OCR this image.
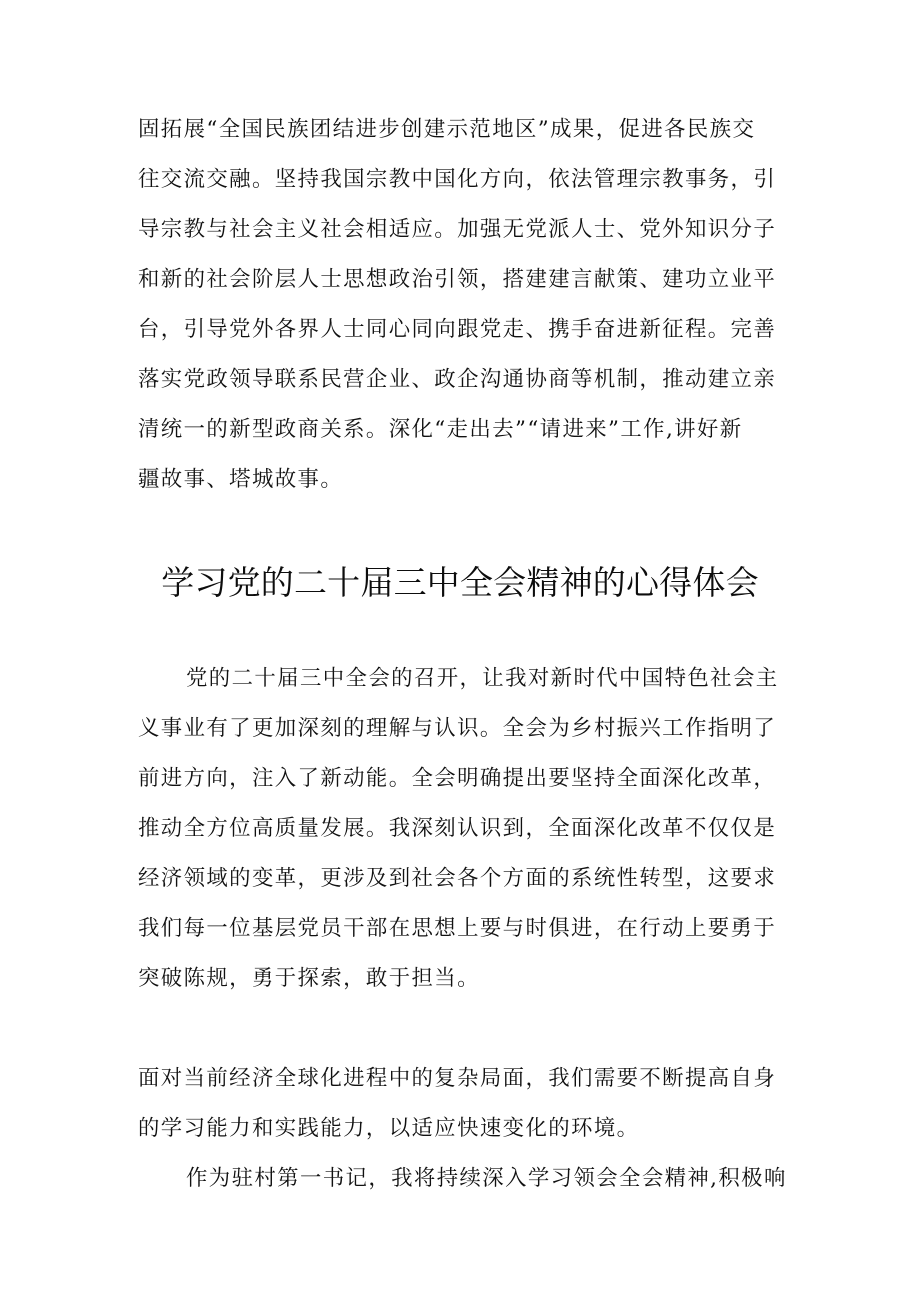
固拓展“全国民族团结进步创建示范地区”成果，促进各民族交
往交流交融。坚持我国宗教中国化方向，依法管理宗教事务，引
导宗教与社会主义社会相适应。加强无党派人士、党外知识分子
和新的社会阶层人士思想政治引领，搭建建言献策、建功立业平
台，引导党外各界人士同心同向跟党走、携手奋进新征程。完善
落实党政领导联系民营企业、政企沟通协商等机制，推动建立亲
清统一的新型政商关系。深化“走出去”“请进来”工作,讲好新
疆故事、塔城故事。
学习党的二十届三中全会精神的心得体会
党的二十届三中全会的召开，让我对新时代中国特色社会主
义事业有了更加深刻的理解与认识。全会为乡村振兴工作指明了
前进方向，注入了新动能。全会明确提出要坚持全面深化改革，
推动全方位高质量发展。我深刻认识到，全面深化改革不仅仅是
经济领域的变革，更涉及到社会各个方面的系统性转型，这要求
我们每一位基层党员干部在思想上要与时俱进，在行动上要勇于
突破陈规，勇于探索，敢于担当。
面对当前经济全球化进程中的复杂局面，我们需要不断提高自身
的学习能力和实践能力，以适应快速变化的环境。
作为驻村第一书记，我将持续深入学习领会全会精神,积极响
